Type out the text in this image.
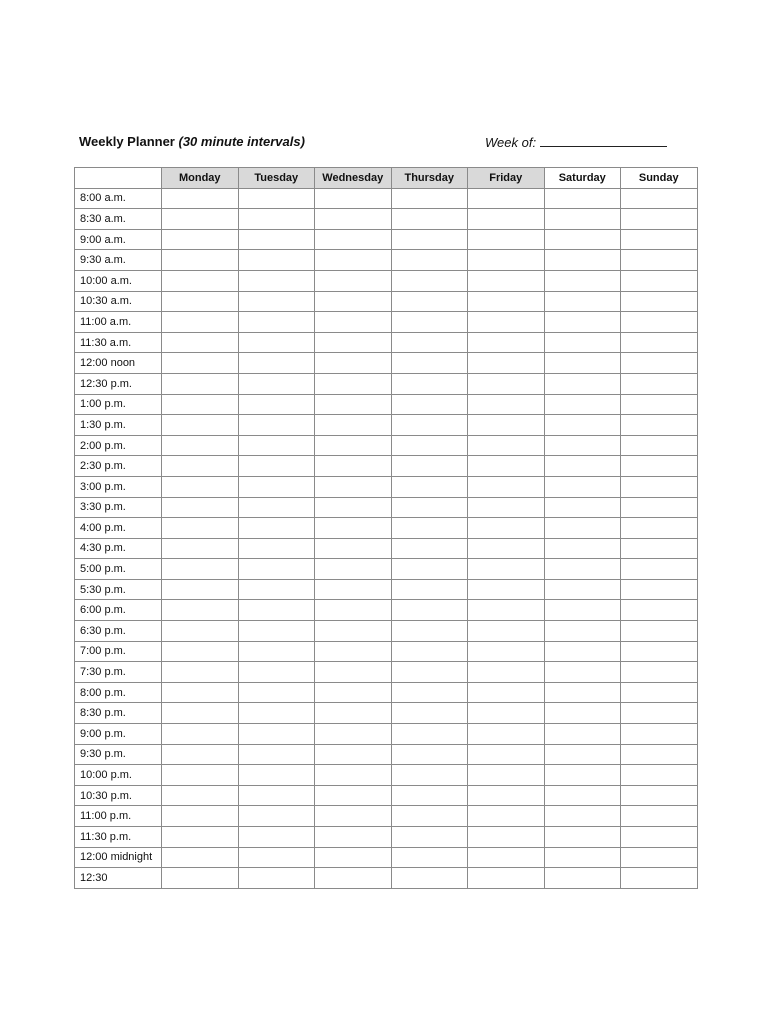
Weekly Planner (30 minute intervals)	Week of:
	Monday	Tuesday	Wednesday	Thursday	Friday	Saturday	Sunday
8:00 a.m.							
8:30 a.m.							
9:00 a.m.							
9:30 a.m.							
10:00 a.m.							
10:30 a.m.							
11:00 a.m.							
11:30 a.m.							
12:00 noon							
12:30 p.m.							
1:00 p.m.							
1:30 p.m.							
2:00 p.m.							
2:30 p.m.							
3:00 p.m.							
3:30 p.m.							
4:00 p.m.							
4:30 p.m.							
5:00 p.m.							
5:30 p.m.							
6:00 p.m.							
6:30 p.m.							
7:00 p.m.							
7:30 p.m.							
8:00 p.m.							
8:30 p.m.							
9:00 p.m.							
9:30 p.m.							
10:00 p.m.							
10:30 p.m.							
11:00 p.m.							
11:30 p.m.							
12:00 midnight							
12:30							
